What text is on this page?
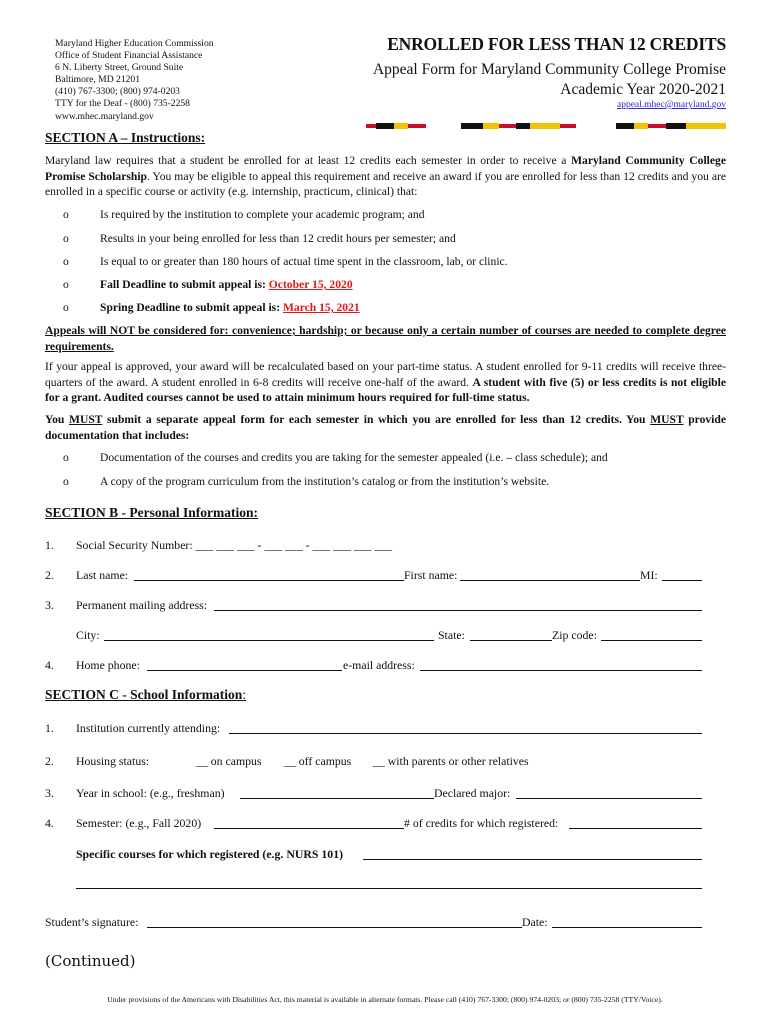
Maryland Higher Education Commission
Office of Student Financial Assistance
6 N. Liberty Street, Ground Suite
Baltimore, MD 21201
(410) 767-3300; (800) 974-0203
TTY for the Deaf - (800) 735-2258
www.mhec.maryland.gov
ENROLLED FOR LESS THAN 12 CREDITS
Appeal Form for Maryland Community College Promise
Academic Year 2020-2021
appeal.mhec@maryland.gov
SECTION A – Instructions:
Maryland law requires that a student be enrolled for at least 12 credits each semester in order to receive a Maryland Community College Promise Scholarship. You may be eligible to appeal this requirement and receive an award if you are enrolled for less than 12 credits and you are enrolled in a specific course or activity (e.g. internship, practicum, clinical) that:
o	Is required by the institution to complete your academic program; and
o	Results in your being enrolled for less than 12 credit hours per semester; and
o	Is equal to or greater than 180 hours of actual time spent in the classroom, lab, or clinic.
o	Fall Deadline to submit appeal is: October 15, 2020
o	Spring Deadline to submit appeal is: March 15, 2021
Appeals will NOT be considered for: convenience; hardship; or because only a certain number of courses are needed to complete degree requirements.
If your appeal is approved, your award will be recalculated based on your part-time status. A student enrolled for 9-11 credits will receive three-quarters of the award. A student enrolled in 6-8 credits will receive one-half of the award. A student with five (5) or less credits is not eligible for a grant. Audited courses cannot be used to attain minimum hours required for full-time status.
You MUST submit a separate appeal form for each semester in which you are enrolled for less than 12 credits. You MUST provide documentation that includes:
o	Documentation of the courses and credits you are taking for the semester appealed (i.e. – class schedule); and
o	A copy of the program curriculum from the institution’s catalog or from the institution’s website.
SECTION B - Personal Information:
1. Social Security Number: ___ ___ ___ - ___ ___ - ___ ___ ___ ___
2. Last name:	First name:	MI:
3. Permanent mailing address:
City:	State:	Zip code:
4. Home phone:	e-mail address:
SECTION C - School Information:
1. Institution currently attending:
2. Housing status:	__ on campus __ off campus __ with parents or other relatives
3. Year in school: (e.g., freshman)	Declared major:
4. Semester: (e.g., Fall 2020)	# of credits for which registered:
Specific courses for which registered (e.g. NURS 101)
Student’s signature:	Date:
(Continued)
Under provisions of the Americans with Disabilities Act, this material is available in alternate formats. Please call (410) 767-3300; (800) 974-0203; or (800) 735-2258 (TTY/Voice).
